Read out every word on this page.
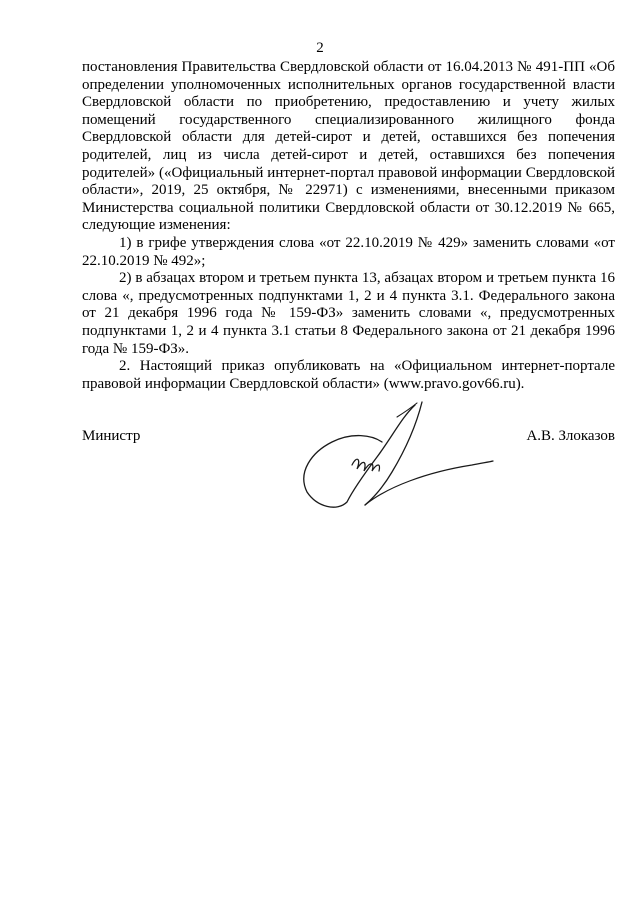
2

постановления Правительства Свердловской области от 16.04.2013 № 491-ПП «Об определении уполномоченных исполнительных органов государственной власти Свердловской области по приобретению, предоставлению и учету жилых помещений государственного специализированного жилищного фонда Свердловской области для детей-сирот и детей, оставшихся без попечения родителей, лиц из числа детей-сирот и детей, оставшихся без попечения родителей» («Официальный интернет-портал правовой информации Свердловской области», 2019, 25 октября, № 22971) с изменениями, внесенными приказом Министерства социальной политики Свердловской области от 30.12.2019 № 665, следующие изменения:

1) в грифе утверждения слова «от 22.10.2019 № 429» заменить словами «от 22.10.2019 № 492»;

2) в абзацах втором и третьем пункта 13, абзацах втором и третьем пункта 16 слова «, предусмотренных подпунктами 1, 2 и 4 пункта 3.1. Федерального закона от 21 декабря 1996 года № 159-ФЗ» заменить словами «, предусмотренных подпунктами 1, 2 и 4 пункта 3.1 статьи 8 Федерального закона от 21 декабря 1996 года № 159-ФЗ».

2. Настоящий приказ опубликовать на «Официальном интернет-портале правовой информации Свердловской области» (www.pravo.gov66.ru).

Министр	А.В. Злоказов
